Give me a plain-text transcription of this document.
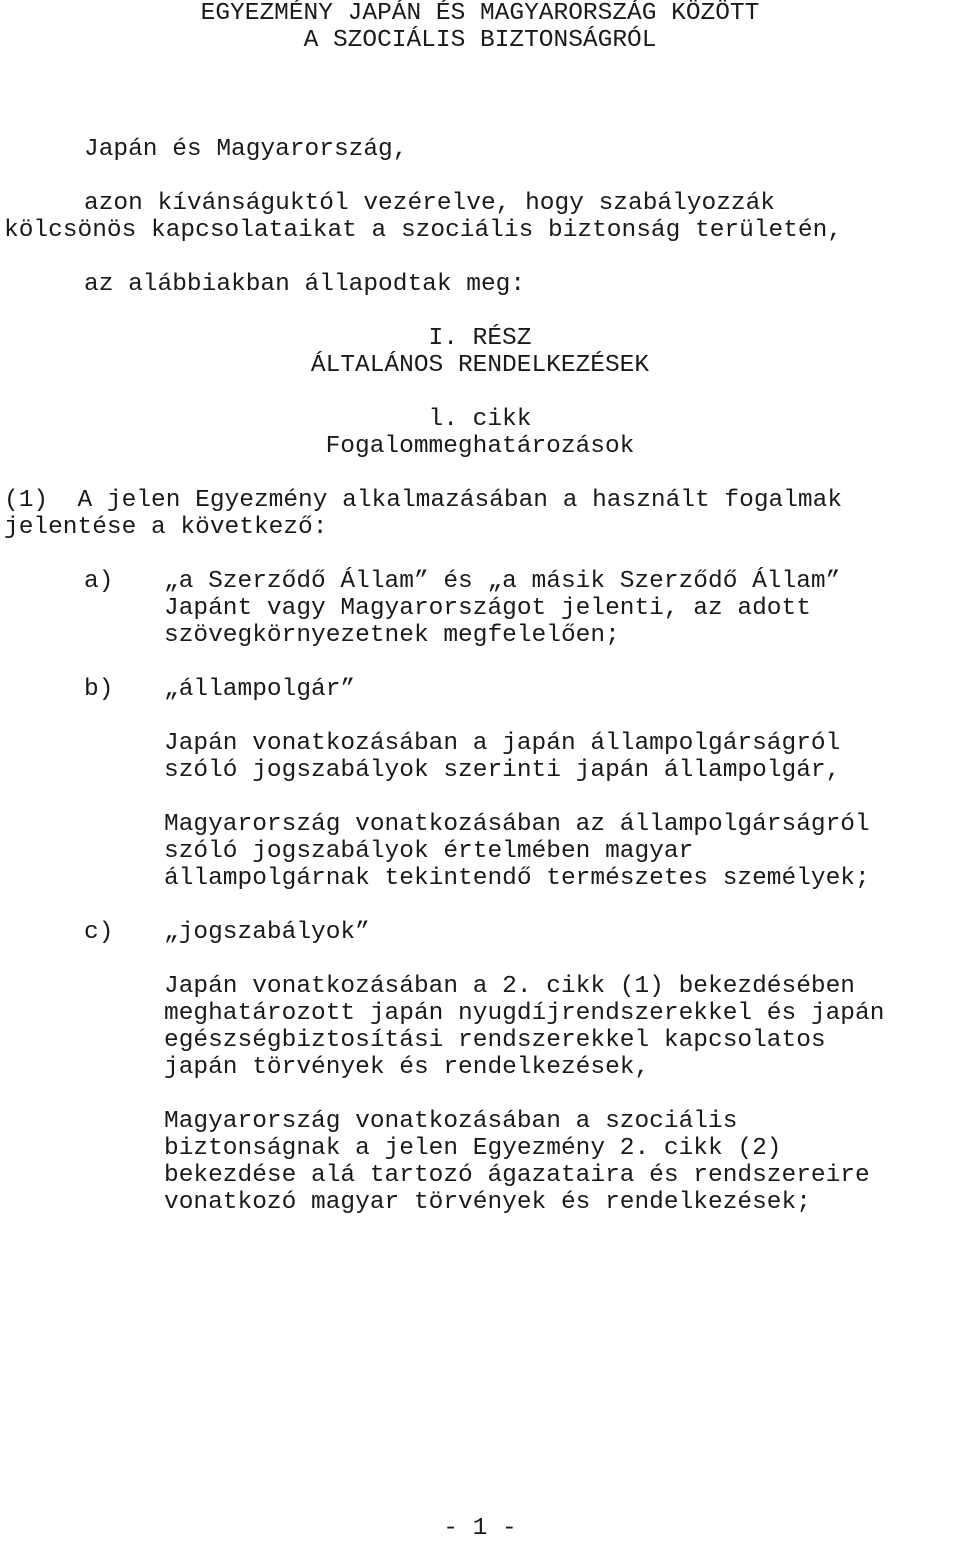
EGYEZMÉNY JAPÁN ÉS MAGYARORSZÁG KÖZÖTT
A SZOCIÁLIS BIZTONSÁGRÓL
Japán és Magyarország,
azon kívánságuktól vezérelve, hogy szabályozzák
kölcsönös kapcsolataikat a szociális biztonság területén,
az alábbiakban állapodtak meg:
I. RÉSZ
ÁLTALÁNOS RENDELKEZÉSEK
l. cikk
Fogalommeghatározások
(1)  A jelen Egyezmény alkalmazásában a használt fogalmak
jelentése a következő:
a) „a Szerződő Állam” és „a másik Szerződő Állam”
Japánt vagy Magyarországot jelenti, az adott
szövegkörnyezetnek megfelelően;
b) „állampolgár”
Japán vonatkozásában a japán állampolgárságról
szóló jogszabályok szerinti japán állampolgár,
Magyarország vonatkozásában az állampolgárságról
szóló jogszabályok értelmében magyar
állampolgárnak tekintendő természetes személyek;
c) „jogszabályok”
Japán vonatkozásában a 2. cikk (1) bekezdésében
meghatározott japán nyugdíjrendszerekkel és japán
egészségbiztosítási rendszerekkel kapcsolatos
japán törvények és rendelkezések,
Magyarország vonatkozásában a szociális
biztonságnak a jelen Egyezmény 2. cikk (2)
bekezdése alá tartozó ágazataira és rendszereire
vonatkozó magyar törvények és rendelkezések;
- 1 -
